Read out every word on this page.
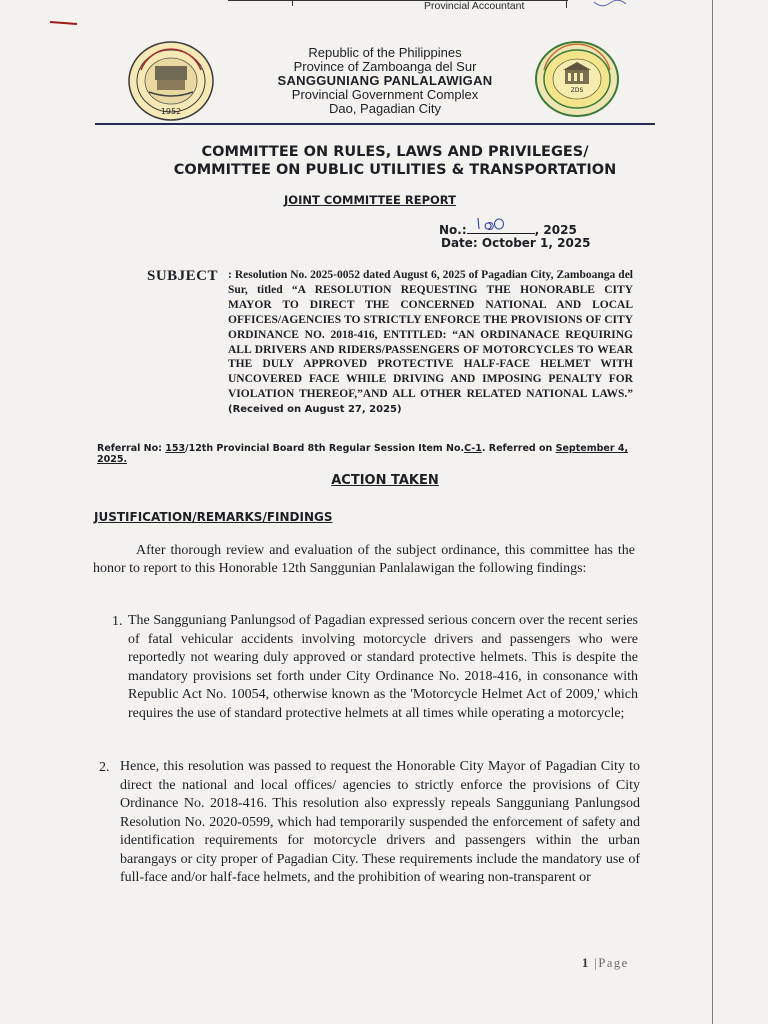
Provincial Accountant
1952
ZDS
Republic of the Philippines
Province of Zamboanga del Sur
SANGGUNIANG PANLALAWIGAN
Provincial Government Complex
Dao, Pagadian City
COMMITTEE ON RULES, LAWS AND PRIVILEGES/
COMMITTEE ON PUBLIC UTILITIES & TRANSPORTATION
JOINT COMMITTEE REPORT
No.:	, 2025
Date: October 1, 2025
SUBJECT : Resolution No. 2025-0052 dated August 6, 2025 of Pagadian City, Zamboanga del Sur, titled “A RESOLUTION REQUESTING THE HONORABLE CITY MAYOR TO DIRECT THE CONCERNED NATIONAL AND LOCAL OFFICES/AGENCIES TO STRICTLY ENFORCE THE PROVISIONS OF CITY ORDINANCE NO. 2018-416, ENTITLED: “AN ORDINANACE REQUIRING ALL DRIVERS AND RIDERS/PASSENGERS OF MOTORCYCLES TO WEAR THE DULY APPROVED PROTECTIVE HALF-FACE HELMET WITH UNCOVERED FACE WHILE DRIVING AND IMPOSING PENALTY FOR VIOLATION THEREOF,”AND ALL OTHER RELATED NATIONAL LAWS.” (Received on August 27, 2025)
Referral No: 153/12th Provincial Board 8th Regular Session Item No.C-1. Referred on September 4, 2025.
ACTION TAKEN
JUSTIFICATION/REMARKS/FINDINGS
After thorough review and evaluation of the subject ordinance, this committee has the honor to report to this Honorable 12th Sanggunian Panlalawigan the following findings:
1. The Sangguniang Panlungsod of Pagadian expressed serious concern over the recent series of fatal vehicular accidents involving motorcycle drivers and passengers who were reportedly not wearing duly approved or standard protective helmets. This is despite the mandatory provisions set forth under City Ordinance No. 2018-416, in consonance with Republic Act No. 10054, otherwise known as the 'Motorcycle Helmet Act of 2009,' which requires the use of standard protective helmets at all times while operating a motorcycle;
2. Hence, this resolution was passed to request the Honorable City Mayor of Pagadian City to direct the national and local offices/ agencies to strictly enforce the provisions of City Ordinance No. 2018-416. This resolution also expressly repeals Sangguniang Panlungsod Resolution No. 2020-0599, which had temporarily suspended the enforcement of safety and identification requirements for motorcycle drivers and passengers within the urban barangays or city proper of Pagadian City. These requirements include the mandatory use of full-face and/or half-face helmets, and the prohibition of wearing non-transparent or
1 |Page
